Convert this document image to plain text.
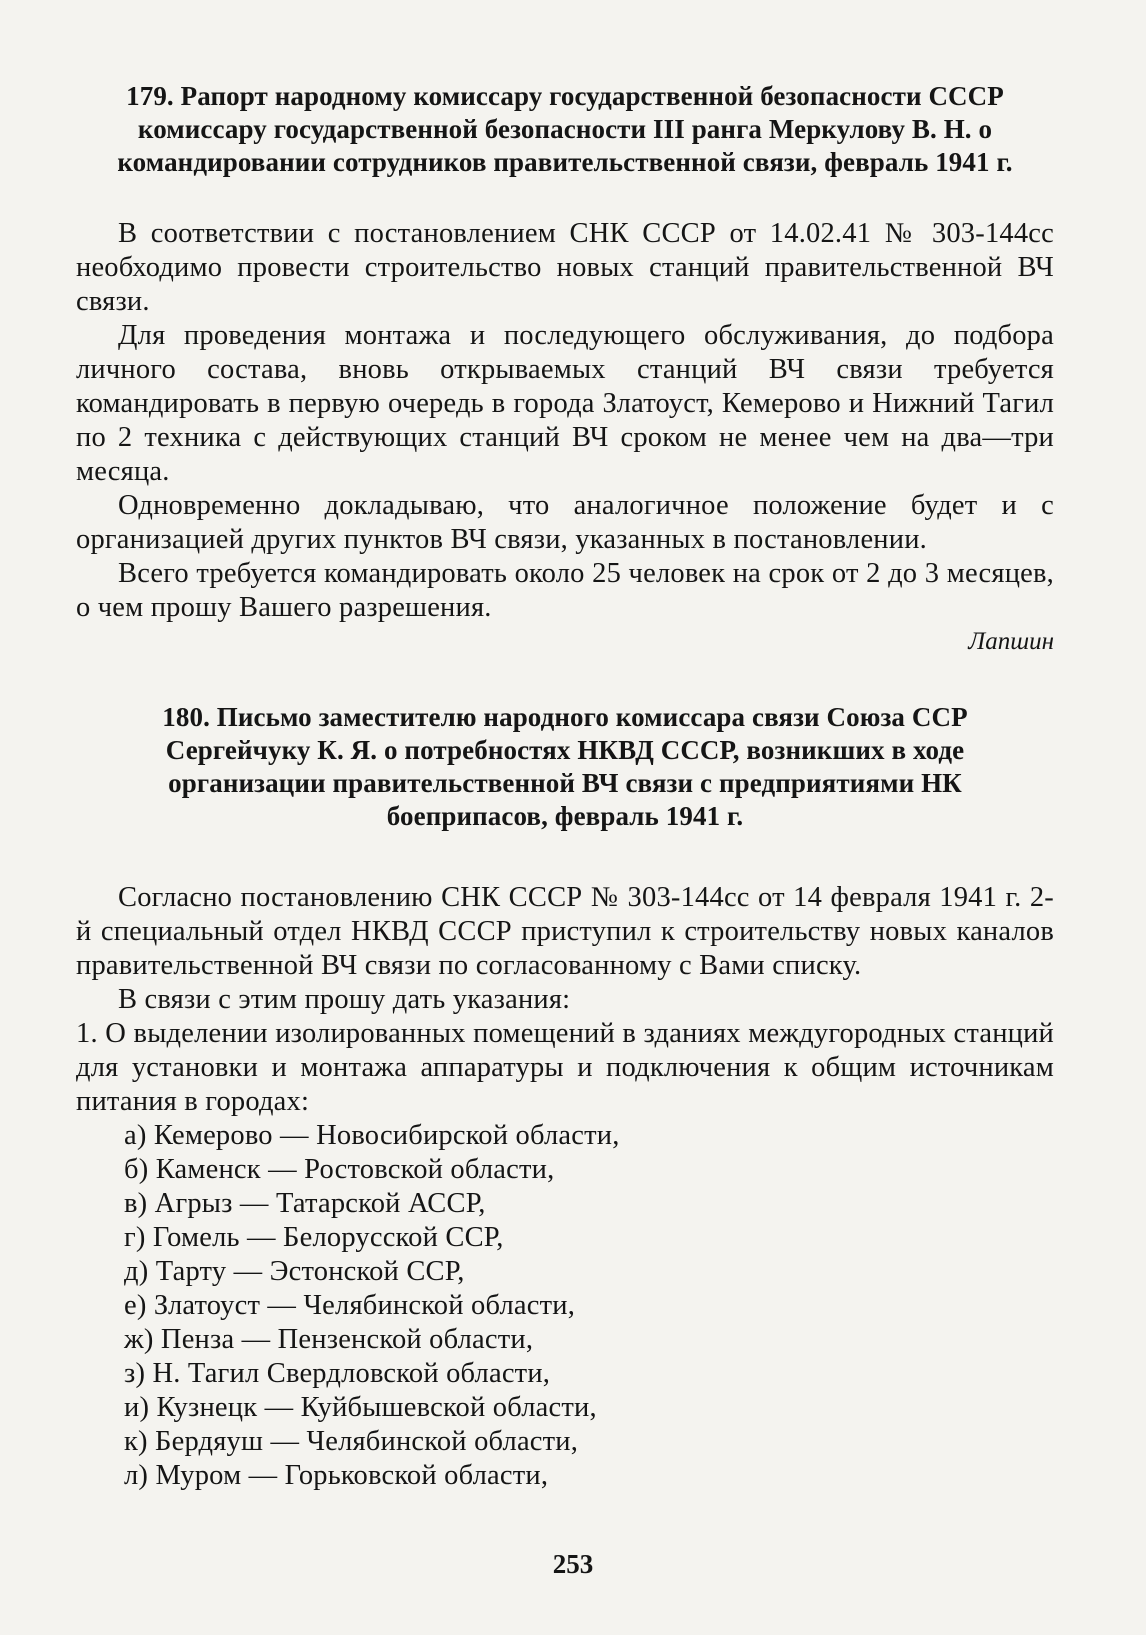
179. Рапорт народному комиссару государственной безопасности СССР комиссару государственной безопасности III ранга Меркулову В. Н. о командировании сотрудников правительственной связи, февраль 1941 г.

В соответствии с постановлением СНК СССР от 14.02.41 № 303-144сс необходимо провести строительство новых станций правительственной ВЧ связи.

Для проведения монтажа и последующего обслуживания, до подбора личного состава, вновь открываемых станций ВЧ связи требуется командировать в первую очередь в города Златоуст, Кемерово и Нижний Тагил по 2 техника с действующих станций ВЧ сроком не менее чем на два—три месяца.

Одновременно докладываю, что аналогичное положение будет и с организацией других пунктов ВЧ связи, указанных в постановлении.

Всего требуется командировать около 25 человек на срок от 2 до 3 месяцев, о чем прошу Вашего разрешения.

Лапшин
180. Письмо заместителю народного комиссара связи Союза ССР Сергейчуку К. Я. о потребностях НКВД СССР, возникших в ходе организации правительственной ВЧ связи с предприятиями НК боеприпасов, февраль 1941 г.

Согласно постановлению СНК СССР № 303-144сс от 14 февраля 1941 г. 2-й специальный отдел НКВД СССР приступил к строительству новых каналов правительственной ВЧ связи по согласованному с Вами списку.

В связи с этим прошу дать указания:

1. О выделении изолированных помещений в зданиях междугородных станций для установки и монтажа аппаратуры и подключения к общим источникам питания в городах:

а) Кемерово — Новосибирской области,
б) Каменск — Ростовской области,
в) Агрыз — Татарской АССР,
г) Гомель — Белорусской ССР,
д) Тарту — Эстонской ССР,
е) Златоуст — Челябинской области,
ж) Пенза — Пензенской области,
з) Н. Тагил Свердловской области,
и) Кузнецк — Куйбышевской области,
к) Бердяуш — Челябинской области,
л) Муром — Горьковской области,
253
